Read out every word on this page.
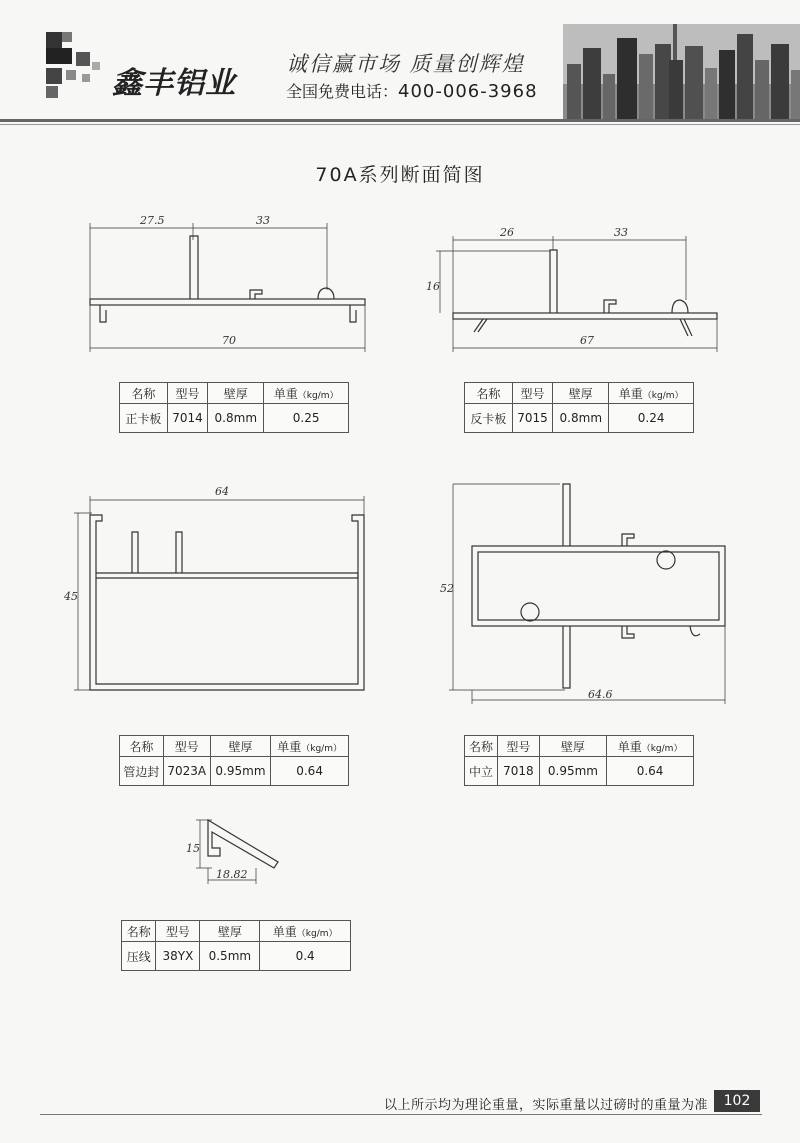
鑫丰铝业
诚信赢市场 质量创辉煌
全国免费电话：400-006-3968
70A系列断面简图
27.5	33
70
26	33
16
67
64
45
52
64.6
15
18.82
名称	型号	壁厚	单重（kg/m）
正卡板	7014	0.8mm	0.25
名称	型号	壁厚	单重（kg/m）
反卡板	7015	0.8mm	0.24
名称	型号	壁厚	单重（kg/m）
管边封	7023A	0.95mm	0.64
名称	型号	壁厚	单重（kg/m）
中立	7018	0.95mm	0.64
名称	型号	壁厚	单重（kg/m）
压线	38YX	0.5mm	0.4
以上所示均为理论重量，实际重量以过磅时的重量为准	102
